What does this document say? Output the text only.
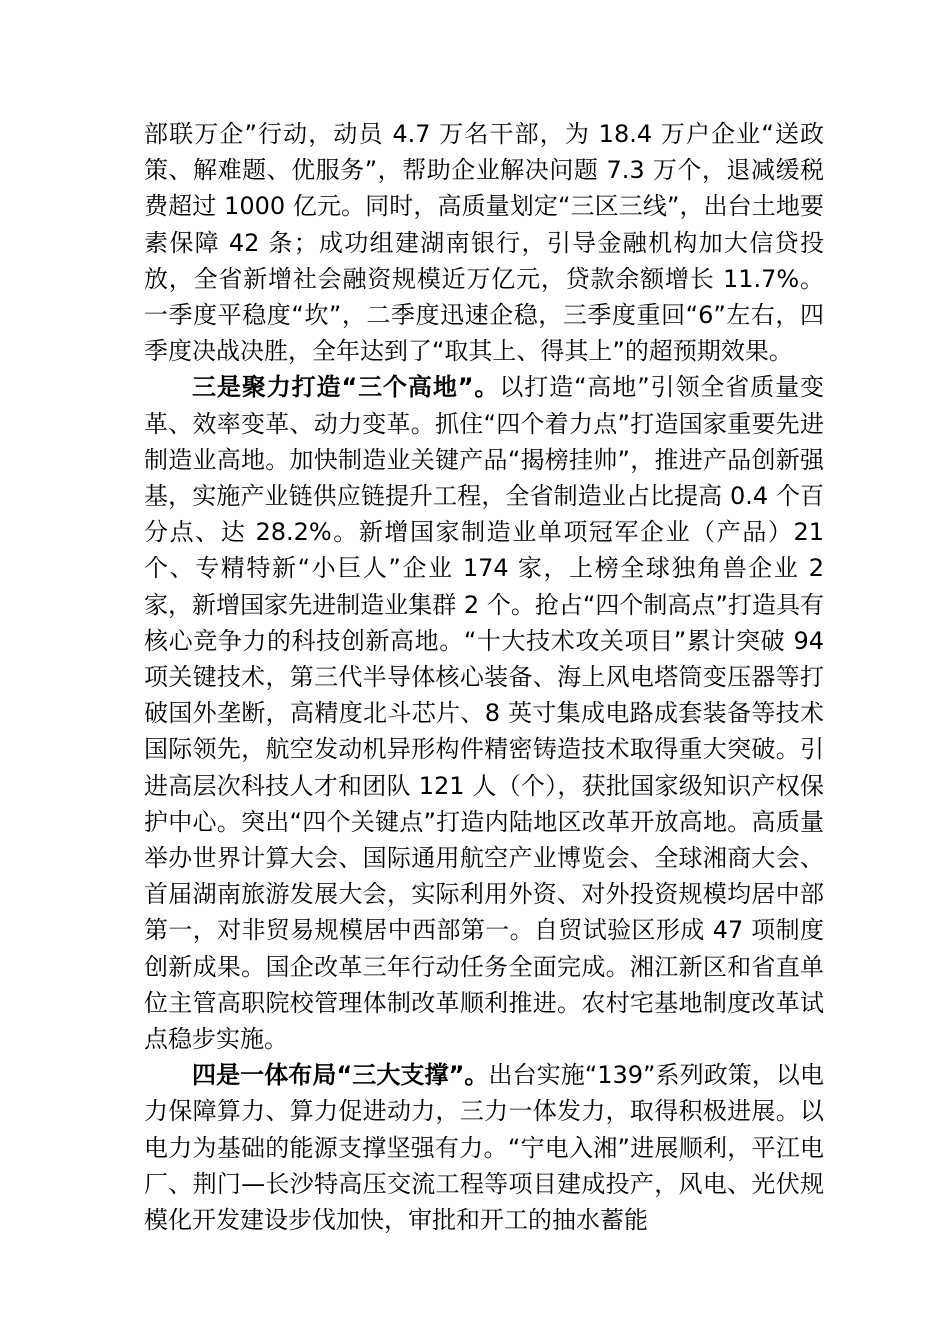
部联万企”行动，动员 4.7 万名干部，为 18.4 万户企业“送政策、解难题、优服务”，帮助企业解决问题 7.3 万个，退减缓税费超过 1000 亿元。同时，高质量划定“三区三线”，出台土地要素保障 42 条；成功组建湖南银行，引导金融机构加大信贷投放，全省新增社会融资规模近万亿元，贷款余额增长 11.7%。一季度平稳度“坎”，二季度迅速企稳，三季度重回“6”左右，四季度决战决胜，全年达到了“取其上、得其上”的超预期效果。

三是聚力打造“三个高地”。以打造“高地”引领全省质量变革、效率变革、动力变革。抓住“四个着力点”打造国家重要先进制造业高地。加快制造业关键产品“揭榜挂帅”，推进产品创新强基，实施产业链供应链提升工程，全省制造业占比提高 0.4 个百分点、达 28.2%。新增国家制造业单项冠军企业（产品）21 个、专精特新“小巨人”企业 174 家，上榜全球独角兽企业 2 家，新增国家先进制造业集群 2 个。抢占“四个制高点”打造具有核心竞争力的科技创新高地。“十大技术攻关项目”累计突破 94 项关键技术，第三代半导体核心装备、海上风电塔筒变压器等打破国外垄断，高精度北斗芯片、8 英寸集成电路成套装备等技术国际领先，航空发动机异形构件精密铸造技术取得重大突破。引进高层次科技人才和团队 121 人（个），获批国家级知识产权保护中心。突出“四个关键点”打造内陆地区改革开放高地。高质量举办世界计算大会、国际通用航空产业博览会、全球湘商大会、首届湖南旅游发展大会，实际利用外资、对外投资规模均居中部第一，对非贸易规模居中西部第一。自贸试验区形成 47 项制度创新成果。国企改革三年行动任务全面完成。湘江新区和省直单位主管高职院校管理体制改革顺利推进。农村宅基地制度改革试点稳步实施。

四是一体布局“三大支撑”。出台实施“139”系列政策，以电力保障算力、算力促进动力，三力一体发力，取得积极进展。以电力为基础的能源支撑坚强有力。“宁电入湘”进展顺利，平江电厂、荆门—长沙特高压交流工程等项目建成投产，风电、光伏规模化开发建设步伐加快，审批和开工的抽水蓄能
